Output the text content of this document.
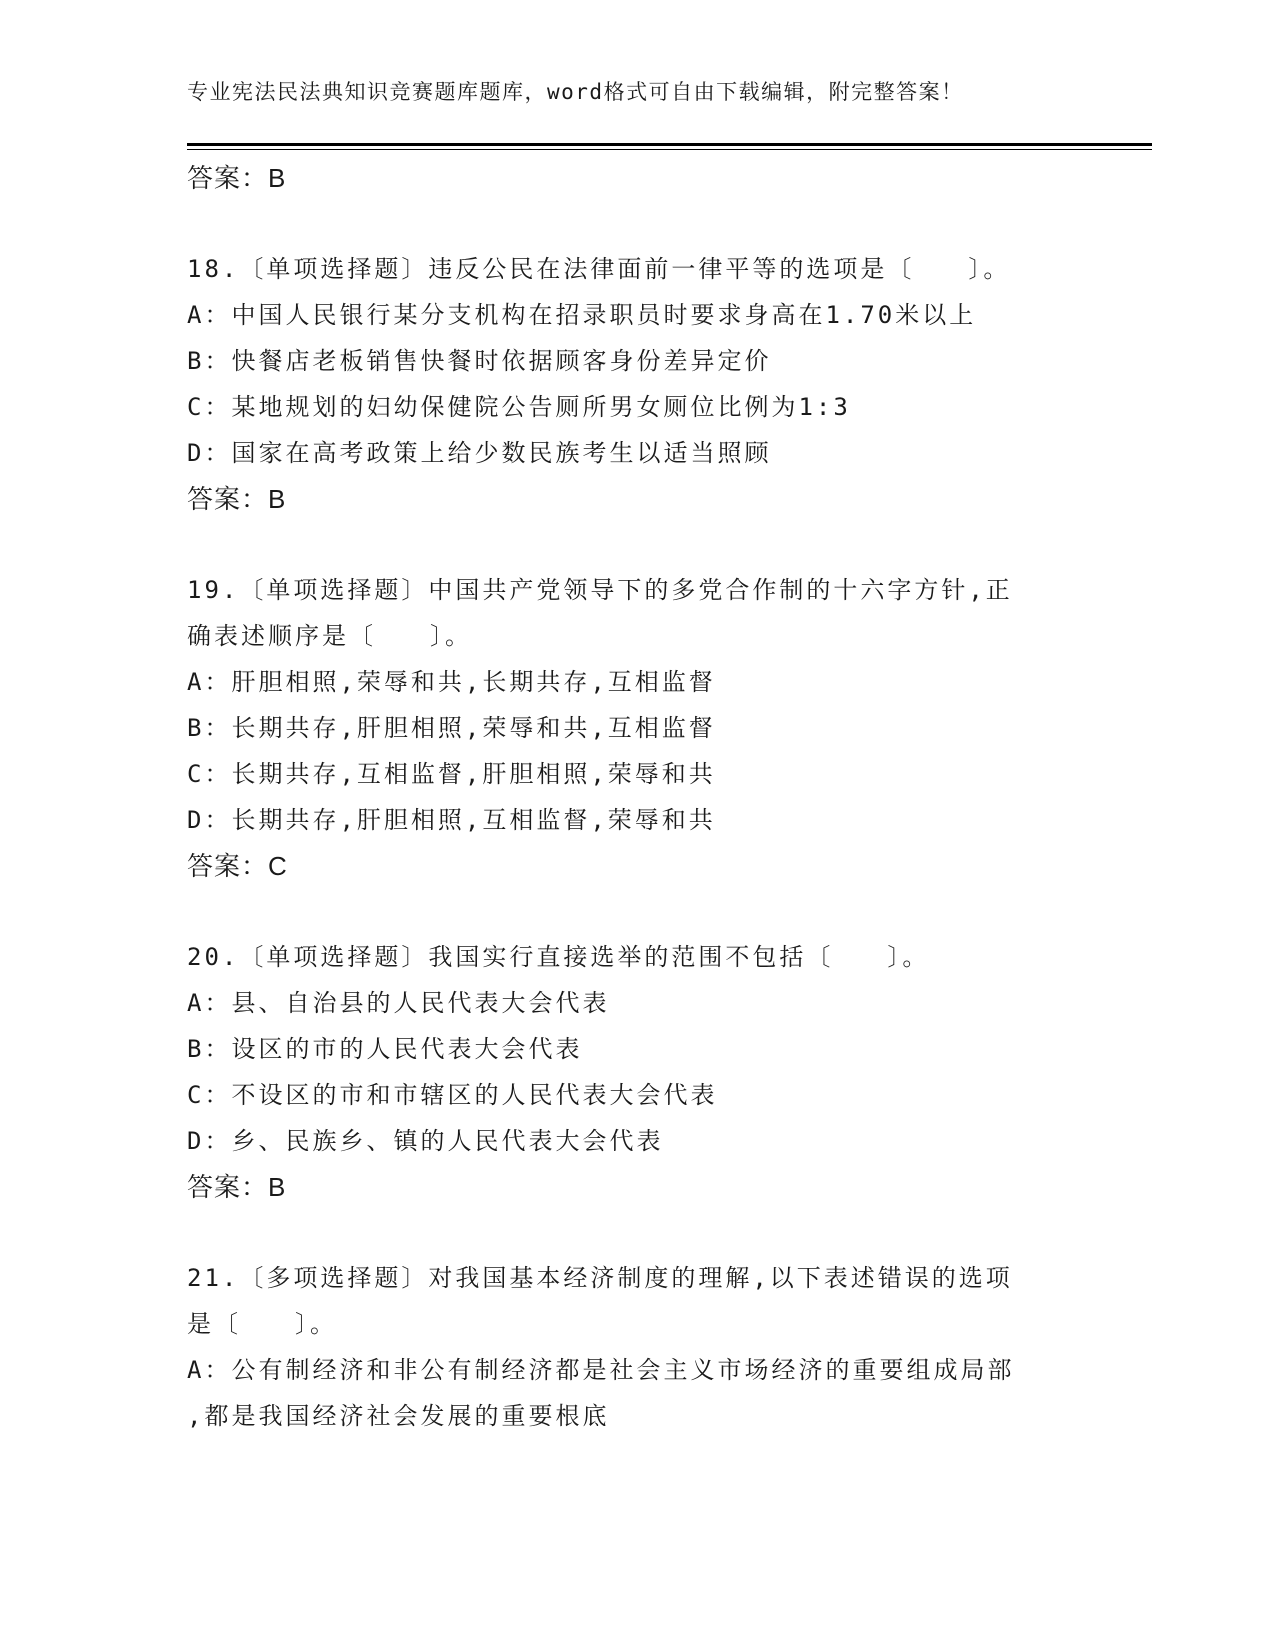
专业宪法民法典知识竞赛题库题库，word格式可自由下载编辑，附完整答案！
答案：B
18.〔单项选择题〕违反公民在法律面前一律平等的选项是〔　　〕。
A：中国人民银行某分支机构在招录职员时要求身高在1.70米以上
B：快餐店老板销售快餐时依据顾客身份差异定价
C：某地规划的妇幼保健院公告厕所男女厕位比例为1:3
D：国家在高考政策上给少数民族考生以适当照顾
答案：B
19.〔单项选择题〕中国共产党领导下的多党合作制的十六字方针,正
确表述顺序是〔　　〕。
A：肝胆相照,荣辱和共,长期共存,互相监督
B：长期共存,肝胆相照,荣辱和共,互相监督
C：长期共存,互相监督,肝胆相照,荣辱和共
D：长期共存,肝胆相照,互相监督,荣辱和共
答案：C
20.〔单项选择题〕我国实行直接选举的范围不包括〔　　〕。
A：县、自治县的人民代表大会代表
B：设区的市的人民代表大会代表
C：不设区的市和市辖区的人民代表大会代表
D：乡、民族乡、镇的人民代表大会代表
答案：B
21.〔多项选择题〕对我国基本经济制度的理解,以下表述错误的选项
是〔　　〕。
A：公有制经济和非公有制经济都是社会主义市场经济的重要组成局部
,都是我国经济社会发展的重要根底
